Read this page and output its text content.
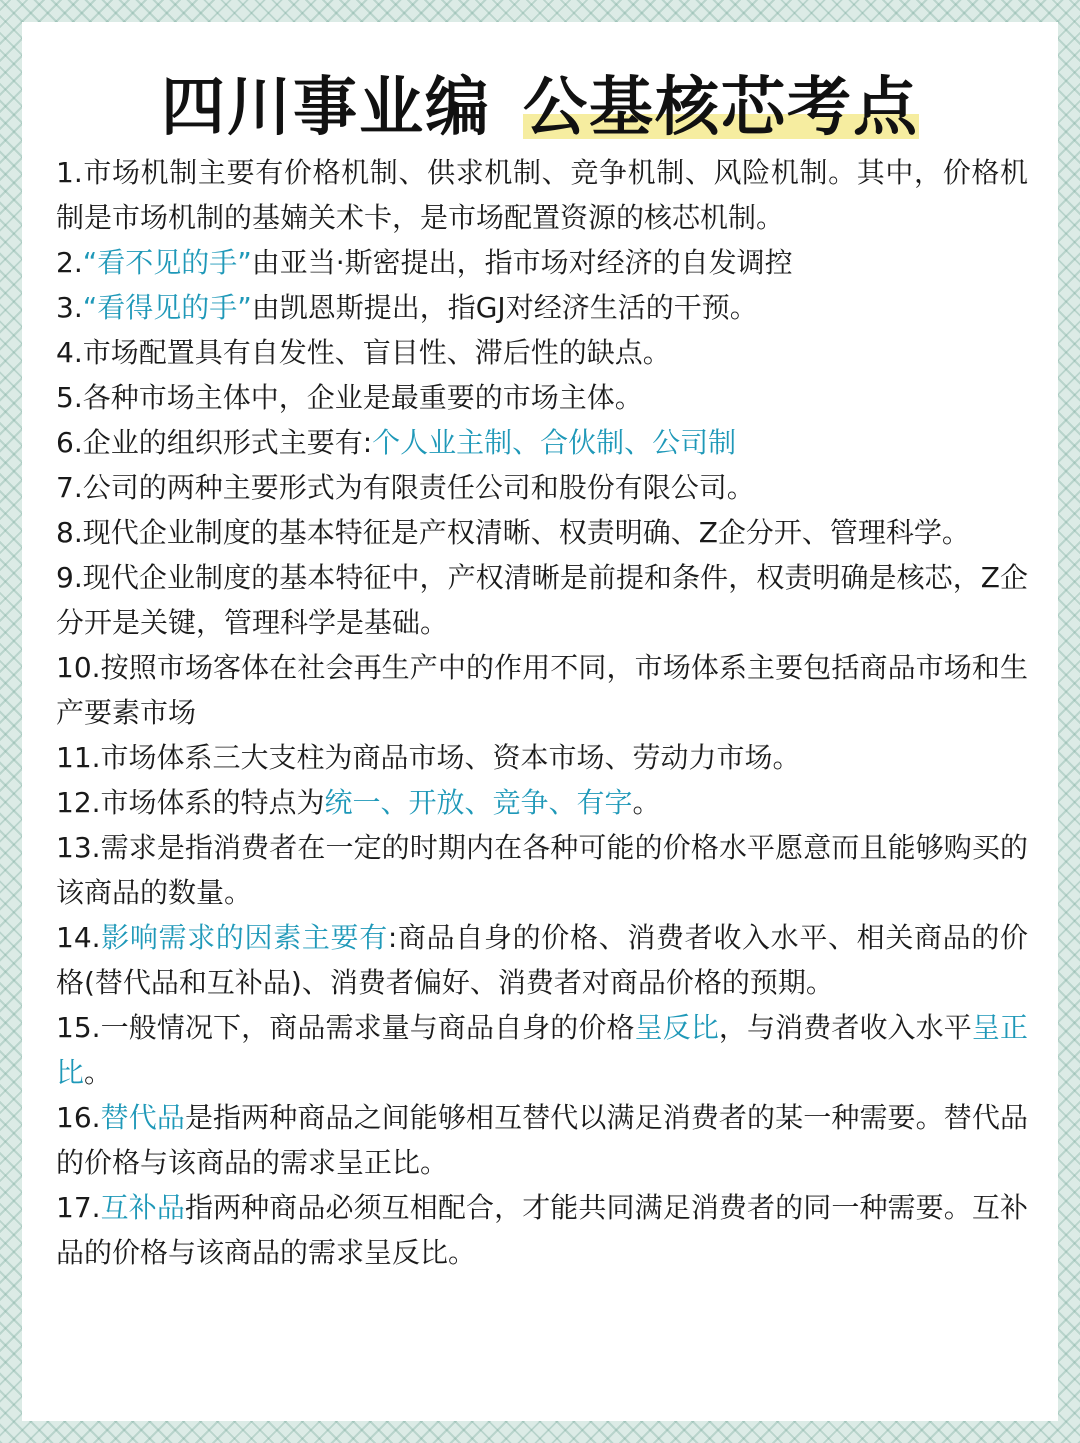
四川事业编 公基核芯考点

1.市场机制主要有价格机制、供求机制、竞争机制、风险机制。其中，价格机制是市场机制的基婻关术卡，是市场配置资源的核芯机制。

2.“看不见的手”由亚当·斯密提出，指市场对经济的自发调控

3.“看得见的手”由凯恩斯提出，指GJ对经济生活的干预。

4.市场配置具有自发性、盲目性、滞后性的缺点。

5.各种市场主体中，企业是最重要的市场主体。

6.企业的组织形式主要有:个人业主制、合伙制、公司制

7.公司的两种主要形式为有限责任公司和股份有限公司。

8.现代企业制度的基本特征是产权清晰、权责明确、Z企分开、管理科学。

9.现代企业制度的基本特征中，产权清晰是前提和条件，权责明确是核芯，Z企分开是关键，管理科学是基础。

10.按照市场客体在社会再生产中的作用不同，市场体系主要包括商品市场和生产要素市场

11.市场体系三大支柱为商品市场、资本市场、劳动力市场。

12.市场体系的特点为统一、开放、竞争、有字。

13.需求是指消费者在一定的时期内在各种可能的价格水平愿意而且能够购买的该商品的数量。

14.影响需求的因素主要有:商品自身的价格、消费者收入水平、相关商品的价格(替代品和互补品)、消费者偏好、消费者对商品价格的预期。

15.一般情况下，商品需求量与商品自身的价格呈反比，与消费者收入水平呈正比。

16.替代品是指两种商品之间能够相互替代以满足消费者的某一种需要。替代品的价格与该商品的需求呈正比。

17.互补品指两种商品必须互相配合，才能共同满足消费者的同一种需要。互补品的价格与该商品的需求呈反比。
